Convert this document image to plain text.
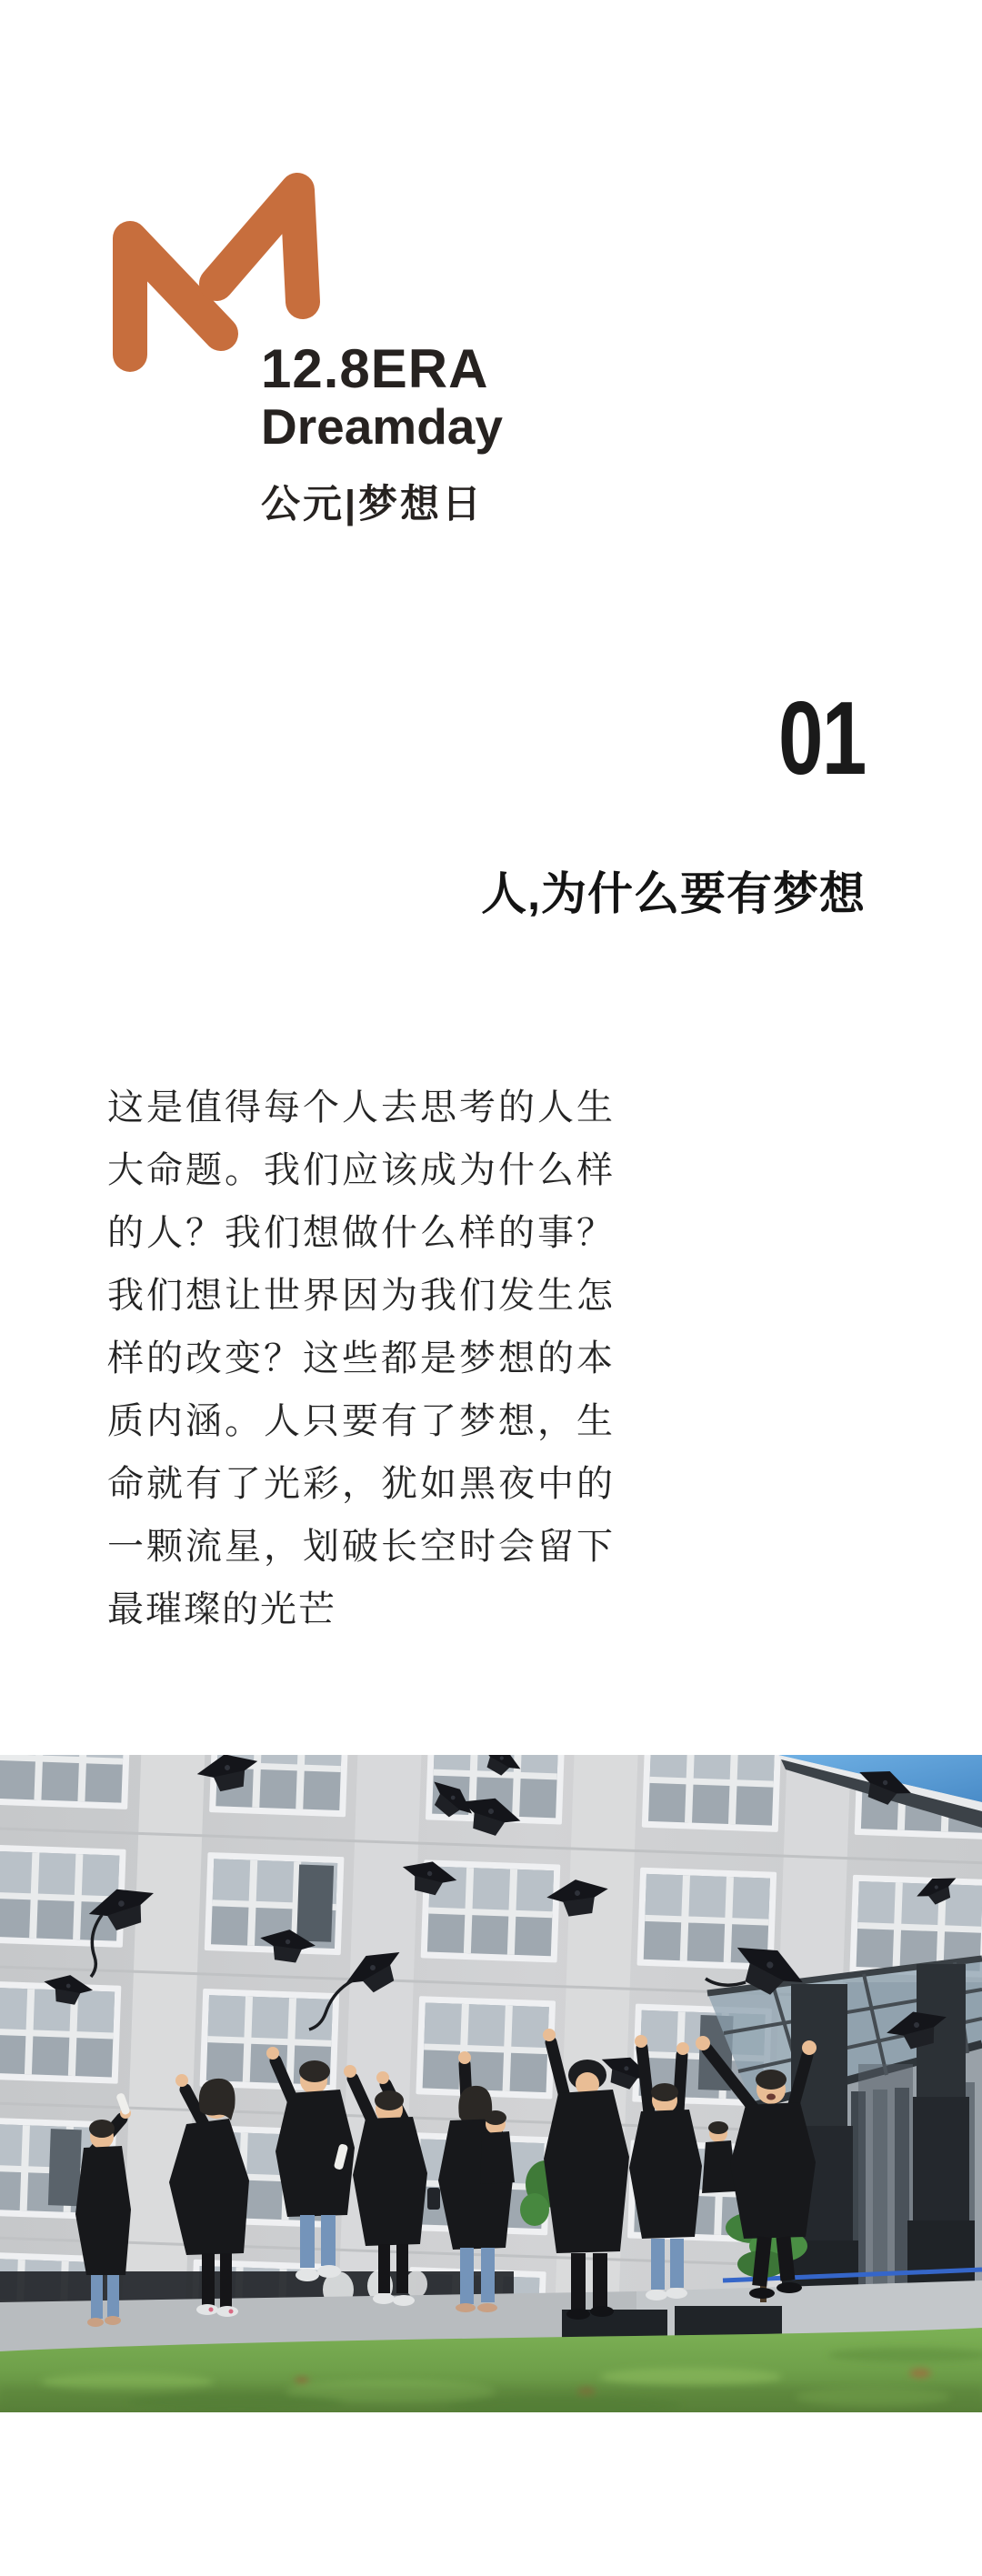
12.8ERA
Dreamday
公元|梦想日
01
人,为什么要有梦想
这是值得每个人去思考的人生大命题。我们应该成为什么样的人？我们想做什么样的事？我们想让世界因为我们发生怎样的改变？这些都是梦想的本质内涵。人只要有了梦想，生命就有了光彩，犹如黑夜中的一颗流星，划破长空时会留下最璀璨的光芒
